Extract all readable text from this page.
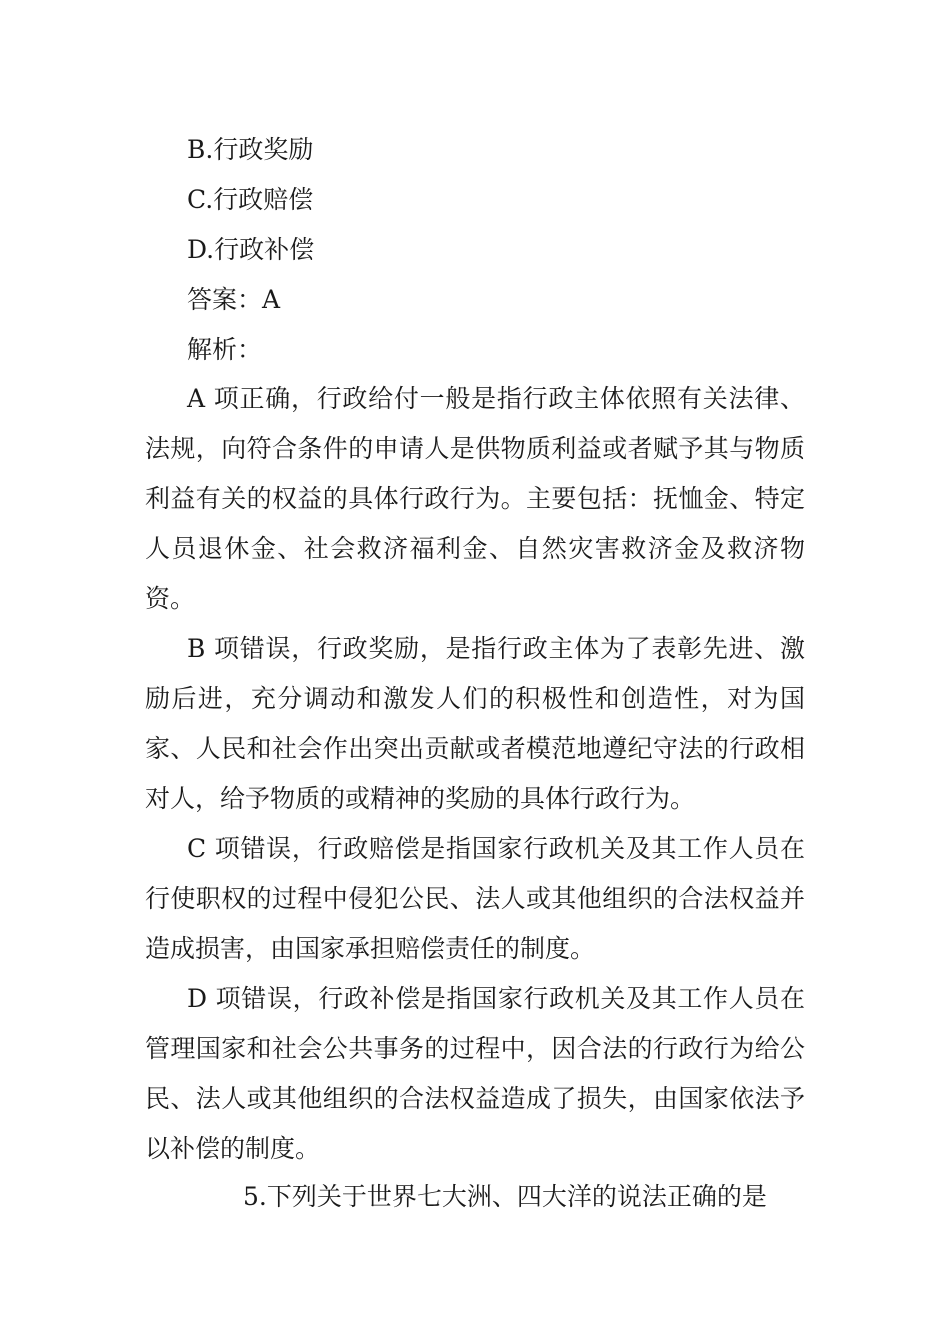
B.行政奖励
C.行政赔偿
D.行政补偿
答案：A
解析：

A 项正确，行政给付一般是指行政主体依照有关法律、法规，向符合条件的申请人是供物质利益或者赋予其与物质利益有关的权益的具体行政行为。主要包括：抚恤金、特定人员退休金、社会救济福利金、自然灾害救济金及救济物资。

B 项错误，行政奖励，是指行政主体为了表彰先进、激励后进，充分调动和激发人们的积极性和创造性，对为国家、人民和社会作出突出贡献或者模范地遵纪守法的行政相对人，给予物质的或精神的奖励的具体行政行为。

C 项错误，行政赔偿是指国家行政机关及其工作人员在行使职权的过程中侵犯公民、法人或其他组织的合法权益并造成损害，由国家承担赔偿责任的制度。

D 项错误，行政补偿是指国家行政机关及其工作人员在管理国家和社会公共事务的过程中，因合法的行政行为给公民、法人或其他组织的合法权益造成了损失，由国家依法予以补偿的制度。

5.下列关于世界七大洲、四大洋的说法正确的是
